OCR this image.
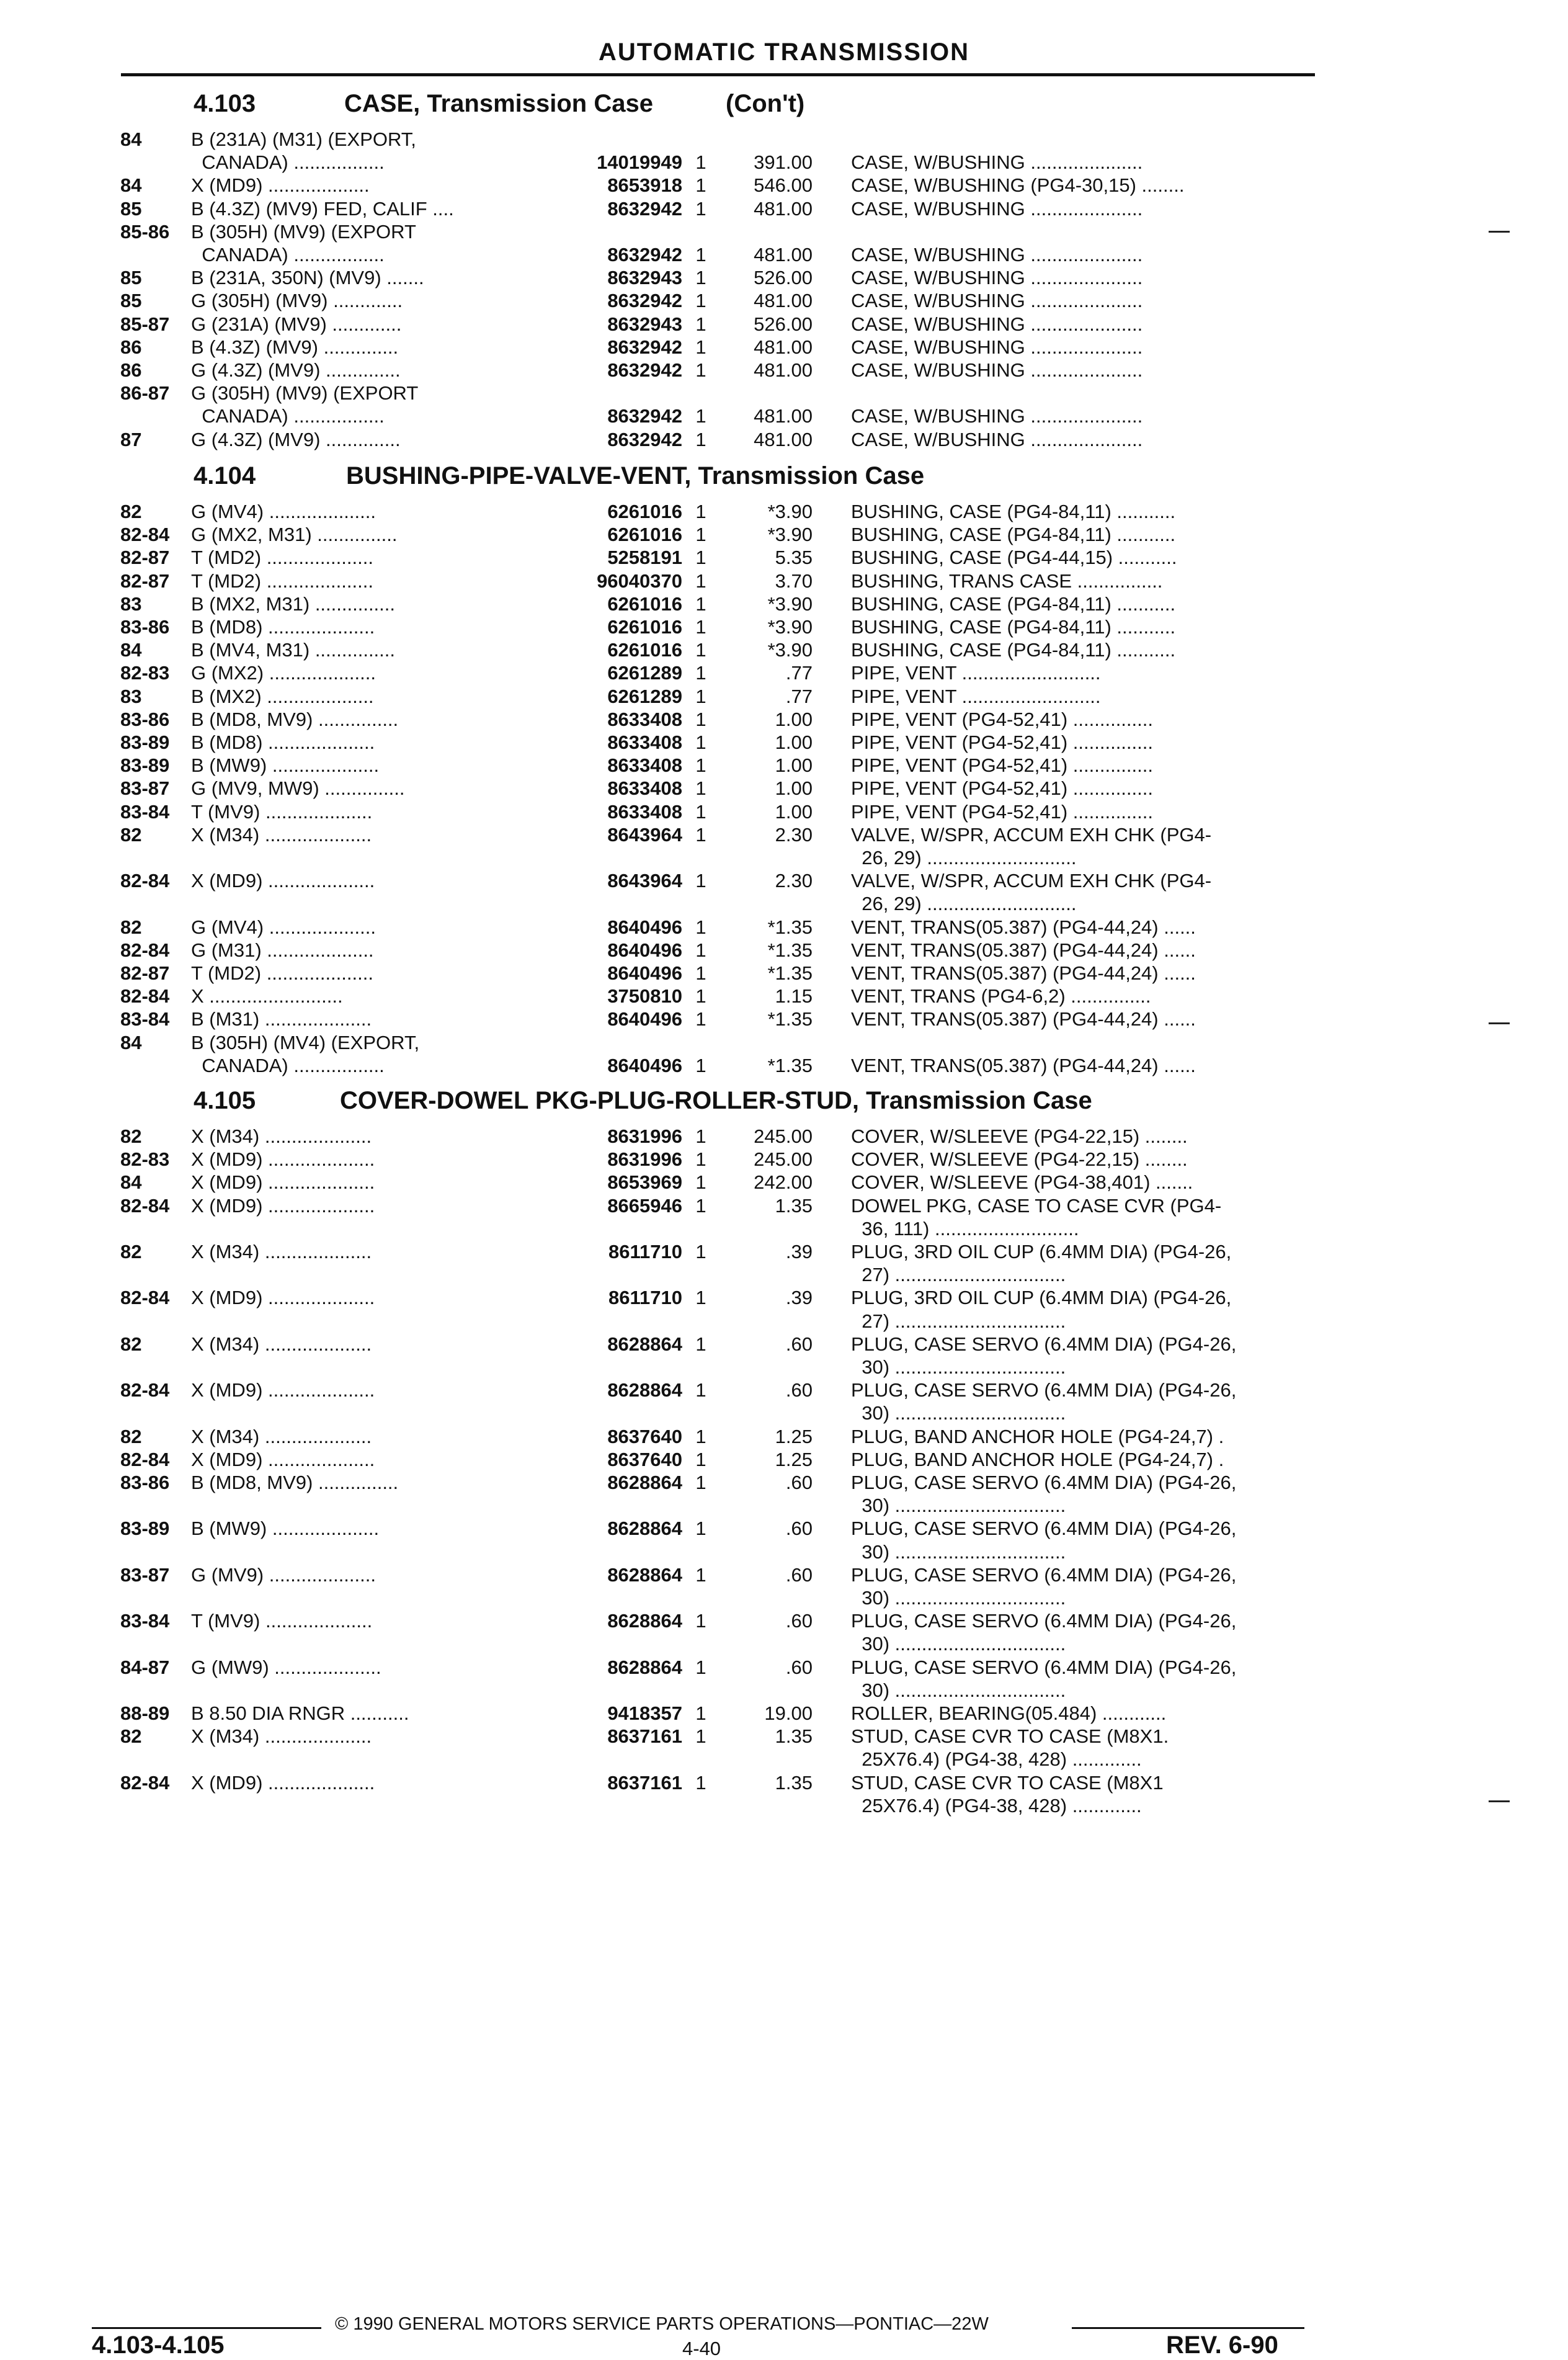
AUTOMATIC TRANSMISSION
4.103	CASE, Transmission Case	(Con't)
84	B (231A) (M31) (EXPORT,
CANADA) .................	14019949 1	391.00 CASE, W/BUSHING .....................
84	X (MD9) ...................	8653918 1	546.00 CASE, W/BUSHING (PG4-30,15) ........
85	B (4.3Z) (MV9) FED, CALIF ....	8632942 1	481.00 CASE, W/BUSHING .....................
85-86	B (305H) (MV9) (EXPORT
CANADA) .................	8632942 1	481.00 CASE, W/BUSHING .....................
85	B (231A, 350N) (MV9) .......	8632943 1	526.00 CASE, W/BUSHING .....................
85	G (305H) (MV9) .............	8632942 1	481.00 CASE, W/BUSHING .....................
85-87	G (231A) (MV9) .............	8632943 1	526.00 CASE, W/BUSHING .....................
86	B (4.3Z) (MV9) ..............	8632942 1	481.00 CASE, W/BUSHING .....................
86	G (4.3Z) (MV9) ..............	8632942 1	481.00 CASE, W/BUSHING .....................
86-87	G (305H) (MV9) (EXPORT
CANADA) .................	8632942 1	481.00 CASE, W/BUSHING .....................
87	G (4.3Z) (MV9) ..............	8632942 1	481.00 CASE, W/BUSHING .....................
4.104	BUSHING-PIPE-VALVE-VENT, Transmission Case
82	G (MV4) ....................	6261016 1	*3.90 BUSHING, CASE (PG4-84,11) ...........
82-84	G (MX2, M31) ...............	6261016 1	*3.90 BUSHING, CASE (PG4-84,11) ...........
82-87	T (MD2) ....................	5258191 1	5.35 BUSHING, CASE (PG4-44,15) ...........
82-87	T (MD2) ....................	96040370 1	3.70 BUSHING, TRANS CASE ................
83	B (MX2, M31) ...............	6261016 1	*3.90 BUSHING, CASE (PG4-84,11) ...........
83-86	B (MD8) ....................	6261016 1	*3.90 BUSHING, CASE (PG4-84,11) ...........
84	B (MV4, M31) ...............	6261016 1	*3.90 BUSHING, CASE (PG4-84,11) ...........
82-83	G (MX2) ....................	6261289 1	.77 PIPE, VENT ..........................
83	B (MX2) ....................	6261289 1	.77 PIPE, VENT ..........................
83-86	B (MD8, MV9) ...............	8633408 1	1.00 PIPE, VENT (PG4-52,41) ...............
83-89	B (MD8) ....................	8633408 1	1.00 PIPE, VENT (PG4-52,41) ...............
83-89	B (MW9) ....................	8633408 1	1.00 PIPE, VENT (PG4-52,41) ...............
83-87	G (MV9, MW9) ...............	8633408 1	1.00 PIPE, VENT (PG4-52,41) ...............
83-84	T (MV9) ....................	8633408 1	1.00 PIPE, VENT (PG4-52,41) ...............
82	X (M34) ....................	8643964 1	2.30 VALVE, W/SPR, ACCUM EXH CHK (PG4-
26, 29) ............................
82-84	X (MD9) ....................	8643964 1	2.30 VALVE, W/SPR, ACCUM EXH CHK (PG4-
26, 29) ............................
82	G (MV4) ....................	8640496 1	*1.35 VENT, TRANS(05.387) (PG4-44,24) ......
82-84	G (M31) ....................	8640496 1	*1.35 VENT, TRANS(05.387) (PG4-44,24) ......
82-87	T (MD2) ....................	8640496 1	*1.35 VENT, TRANS(05.387) (PG4-44,24) ......
82-84	X .........................	3750810 1	1.15 VENT, TRANS (PG4-6,2) ...............
83-84	B (M31) ....................	8640496 1	*1.35 VENT, TRANS(05.387) (PG4-44,24) ......
84	B (305H) (MV4) (EXPORT,
CANADA) .................	8640496 1	*1.35 VENT, TRANS(05.387) (PG4-44,24) ......
4.105	COVER-DOWEL PKG-PLUG-ROLLER-STUD, Transmission Case
82	X (M34) ....................	8631996 1	245.00 COVER, W/SLEEVE (PG4-22,15) ........
82-83	X (MD9) ....................	8631996 1	245.00 COVER, W/SLEEVE (PG4-22,15) ........
84	X (MD9) ....................	8653969 1	242.00 COVER, W/SLEEVE (PG4-38,401) .......
82-84	X (MD9) ....................	8665946 1	1.35 DOWEL PKG, CASE TO CASE CVR (PG4-
36, 111) ...........................
82	X (M34) ....................	8611710 1	.39 PLUG, 3RD OIL CUP (6.4MM DIA) (PG4-26,
27) ................................
82-84	X (MD9) ....................	8611710 1	.39 PLUG, 3RD OIL CUP (6.4MM DIA) (PG4-26,
27) ................................
82	X (M34) ....................	8628864 1	.60 PLUG, CASE SERVO (6.4MM DIA) (PG4-26,
30) ................................
82-84	X (MD9) ....................	8628864 1	.60 PLUG, CASE SERVO (6.4MM DIA) (PG4-26,
30) ................................
82	X (M34) ....................	8637640 1	1.25 PLUG, BAND ANCHOR HOLE (PG4-24,7) .
82-84	X (MD9) ....................	8637640 1	1.25 PLUG, BAND ANCHOR HOLE (PG4-24,7) .
83-86	B (MD8, MV9) ...............	8628864 1	.60 PLUG, CASE SERVO (6.4MM DIA) (PG4-26,
30) ................................
83-89	B (MW9) ....................	8628864 1	.60 PLUG, CASE SERVO (6.4MM DIA) (PG4-26,
30) ................................
83-87	G (MV9) ....................	8628864 1	.60 PLUG, CASE SERVO (6.4MM DIA) (PG4-26,
30) ................................
83-84	T (MV9) ....................	8628864 1	.60 PLUG, CASE SERVO (6.4MM DIA) (PG4-26,
30) ................................
84-87	G (MW9) ....................	8628864 1	.60 PLUG, CASE SERVO (6.4MM DIA) (PG4-26,
30) ................................
88-89	B 8.50 DIA RNGR ...........	9418357 1	19.00 ROLLER, BEARING(05.484) ............
82	X (M34) ....................	8637161 1	1.35 STUD, CASE CVR TO CASE (M8X1.
25X76.4) (PG4-38, 428) .............
82-84	X (MD9) ....................	8637161 1	1.35 STUD, CASE CVR TO CASE (M8X1
25X76.4) (PG4-38, 428) .............
© 1990 GENERAL MOTORS SERVICE PARTS OPERATIONS—PONTIAC—22W
4.103-4.105	4-40	REV. 6-90
